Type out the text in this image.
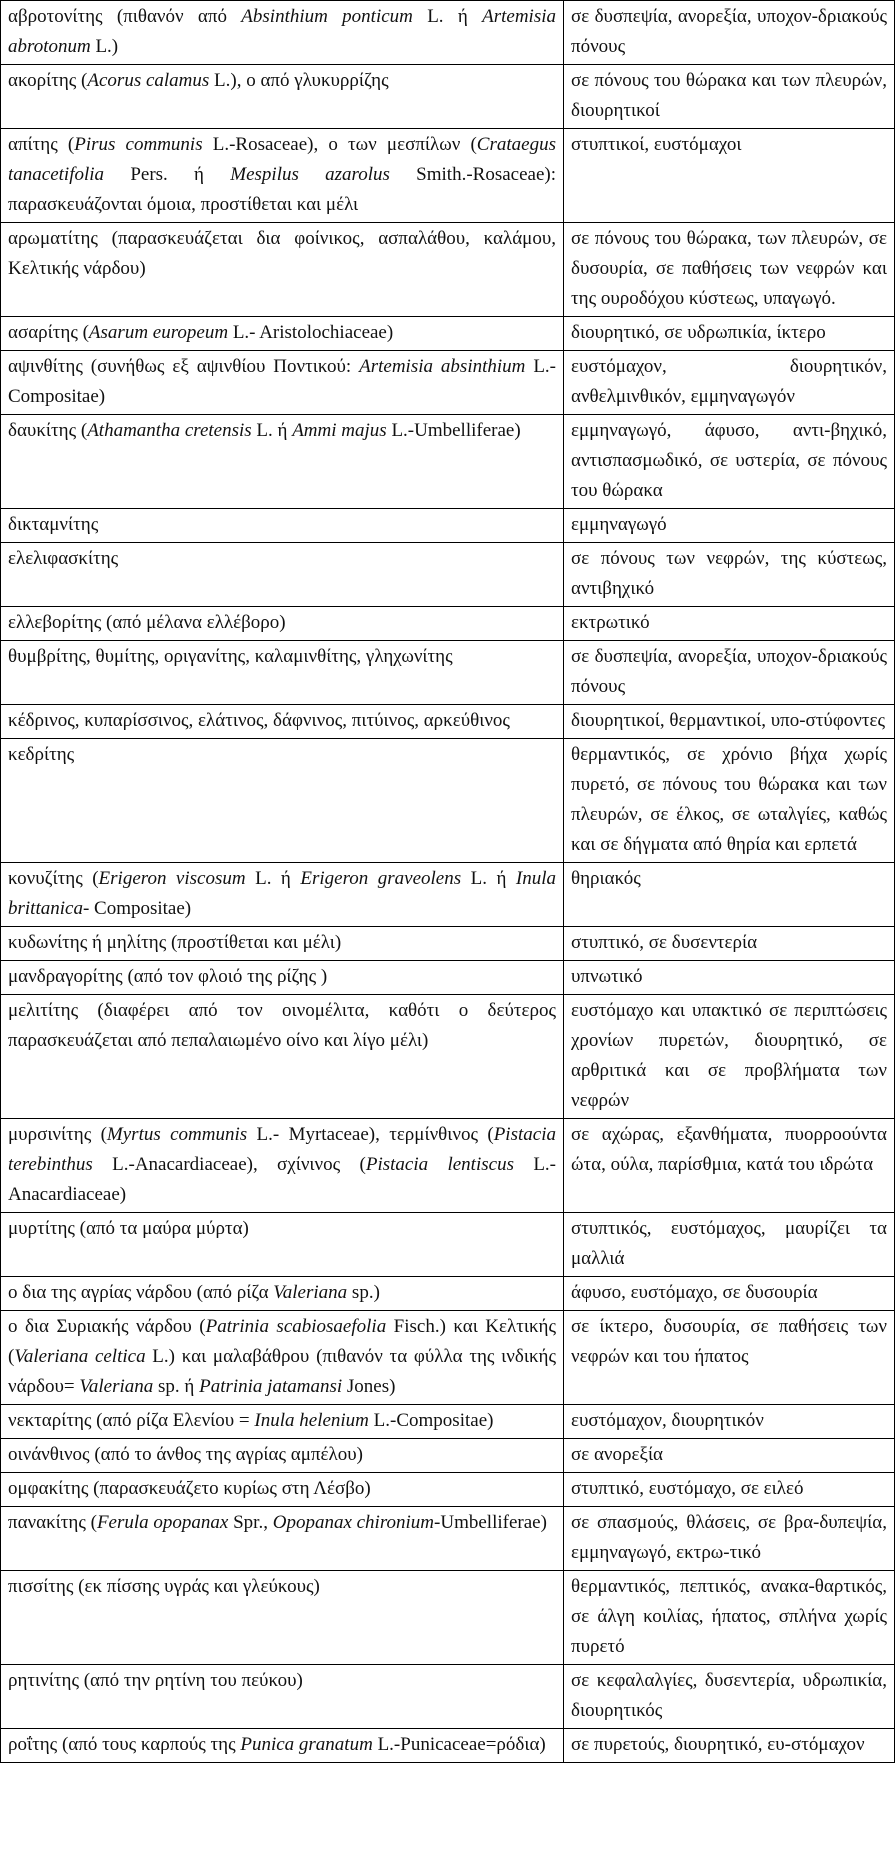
αβροτονίτης (πιθανόν από Absinthium ponticum L. ή Artemisia abrotonum L.)	σε δυσπεψία, ανορεξία, υποχον-δριακούς πόνους
ακορίτης (Acorus calamus L.), ο από γλυκυρρίζης	σε πόνους του θώρακα και των πλευρών, διουρητικοί
απίτης (Pirus communis L.-Rosaceae), ο των μεσπίλων (Crataegus tanacetifolia Pers. ή Mespilus azarolus Smith.-Rosaceae): παρασκευάζονται όμοια, προστίθεται και μέλι	στυπτικοί, ευστόμαχοι
αρωματίτης (παρασκευάζεται δια φοίνικος, ασπαλάθου, καλάμου, Κελτικής νάρδου)	σε πόνους του θώρακα, των πλευρών, σε δυσουρία, σε παθήσεις των νεφρών και της ουροδόχου κύστεως, υπαγωγό.
ασαρίτης (Asarum europeum L.- Aristolochiaceae)	διουρητικό, σε υδρωπικία, ίκτερο
αψινθίτης (συνήθως εξ αψινθίου Ποντικού: Artemisia absinthium L.- Compositae)	ευστόμαχον, διουρητικόν, ανθελμινθικόν, εμμηναγωγόν
δαυκίτης (Athamantha cretensis L. ή Ammi majus L.-Umbelliferae)	εμμηναγωγό, άφυσο, αντι-βηχικό, αντισπασμωδικό, σε υστερία, σε πόνους του θώρακα
δικταμνίτης	εμμηναγωγό
ελελιφασκίτης	σε πόνους των νεφρών, της κύστεως, αντιβηχικό
ελλεβορίτης (από μέλανα ελλέβορο)	εκτρωτικό
θυμβρίτης, θυμίτης, οριγανίτης, καλαμινθίτης, γληχωνίτης	σε δυσπεψία, ανορεξία, υποχον-δριακούς πόνους
κέδρινος, κυπαρίσσινος, ελάτινος, δάφνινος, πιτύινος, αρκεύθινος	διουρητικοί, θερμαντικοί, υπο-στύφοντες
κεδρίτης	θερμαντικός, σε χρόνιο βήχα χωρίς πυρετό, σε πόνους του θώρακα και των πλευρών, σε έλκος, σε ωταλγίες, καθώς και σε δήγματα από θηρία και ερπετά
κονυζίτης (Erigeron viscosum L. ή Erigeron graveolens L. ή Inula brittanica- Compositae)	θηριακός
κυδωνίτης ή μηλίτης (προστίθεται και μέλι)	στυπτικό, σε δυσεντερία
μανδραγορίτης (από τον φλοιό της ρίζης )	υπνωτικό
μελιτίτης (διαφέρει από τον οινομέλιτα, καθότι ο δεύτερος παρασκευάζεται από πεπαλαιωμένο οίνο και λίγο μέλι)	ευστόμαχο και υπακτικό σε περιπτώσεις χρονίων πυρετών, διουρητικό, σε αρθριτικά και σε προβλήματα των νεφρών
μυρσινίτης (Myrtus communis L.- Myrtaceae), τερμίνθινος (Pistacia terebinthus L.-Anacardiaceae), σχίνινος (Pistacia lentiscus L.-Anacardiaceae)	σε αχώρας, εξανθήματα, πυορροούντα ώτα, ούλα, παρίσθμια, κατά του ιδρώτα
μυρτίτης (από τα μαύρα μύρτα)	στυπτικός, ευστόμαχος, μαυρίζει τα μαλλιά
ο δια της αγρίας νάρδου (από ρίζα Valeriana sp.)	άφυσο, ευστόμαχο, σε δυσουρία
ο δια Συριακής νάρδου (Patrinia scabiosaefolia Fisch.) και Κελτικής (Valeriana celtica L.) και μαλαβάθρου (πιθανόν τα φύλλα της ινδικής νάρδου= Valeriana sp. ή Patrinia jatamansi Jones)	σε ίκτερο, δυσουρία, σε παθήσεις των νεφρών και του ήπατος
νεκταρίτης (από ρίζα Ελενίου = Inula helenium L.-Compositae)	ευστόμαχον, διουρητικόν
οινάνθινος (από το άνθος της αγρίας αμπέλου)	σε ανορεξία
ομφακίτης (παρασκευάζετο κυρίως στη Λέσβο)	στυπτικό, ευστόμαχο, σε ειλεό
πανακίτης (Ferula opopanax Spr., Opopanax chironium-Umbelliferae)	σε σπασμούς, θλάσεις, σε βρα-δυπεψία, εμμηναγωγό, εκτρω-τικό
πισσίτης (εκ πίσσης υγράς και γλεύκους)	θερμαντικός, πεπτικός, ανακα-θαρτικός, σε άλγη κοιλίας, ήπατος, σπλήνα χωρίς πυρετό
ρητινίτης (από την ρητίνη του πεύκου)	σε κεφαλαλγίες, δυσεντερία, υδρωπικία, διουρητικός
ροΐτης (από τους καρπούς της Punica granatum L.-Punicaceae=ρόδια)	σε πυρετούς, διουρητικό, ευ-στόμαχον
